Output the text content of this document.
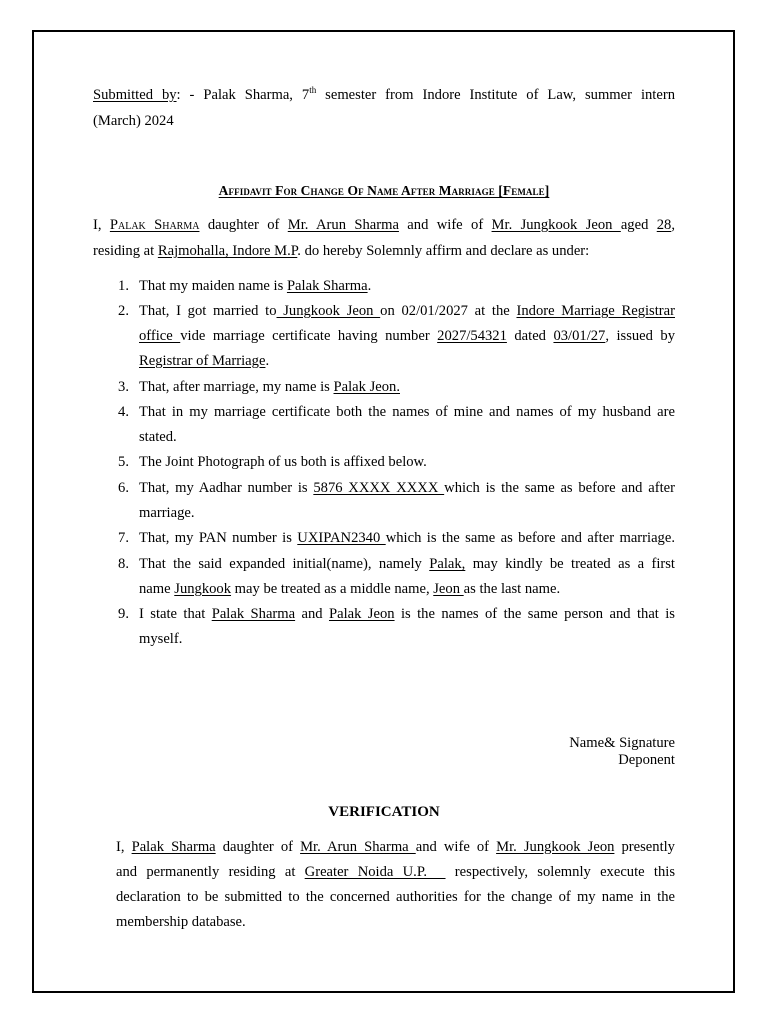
Submitted by: - Palak Sharma, 7th semester from Indore Institute of Law, summer intern
(March) 2024
Affidavit For Change Of Name After Marriage [Female]
I, Palak Sharma daughter of Mr. Arun Sharma and wife of Mr. Jungkook Jeon aged 28,
residing at Rajmohalla, Indore M.P. do hereby Solemnly affirm and declare as under:
1. That my maiden name is Palak Sharma.
2. That, I got married to Jungkook Jeon on 02/01/2027 at the Indore Marriage Registrar
office vide marriage certificate having number 2027/54321 dated 03/01/27, issued by
Registrar of Marriage.
3. That, after marriage, my name is Palak Jeon.
4. That in my marriage certificate both the names of mine and names of my husband are
stated.
5. The Joint Photograph of us both is affixed below.
6. That, my Aadhar number is 5876 XXXX XXXX which is the same as before and after
marriage.
7. That, my PAN number is UXIPAN2340 which is the same as before and after marriage.
8. That the said expanded initial(name), namely Palak, may kindly be treated as a first
name Jungkook may be treated as a middle name, Jeon as the last name.
9. I state that Palak Sharma and Palak Jeon is the names of the same person and that is
myself.
Name& Signature
Deponent
VERIFICATION
I, Palak Sharma daughter of Mr. Arun Sharma and wife of Mr. Jungkook Jeon presently
and permanently residing at Greater Noida U.P.   respectively, solemnly execute this
declaration to be submitted to the concerned authorities for the change of my name in the
membership database.
